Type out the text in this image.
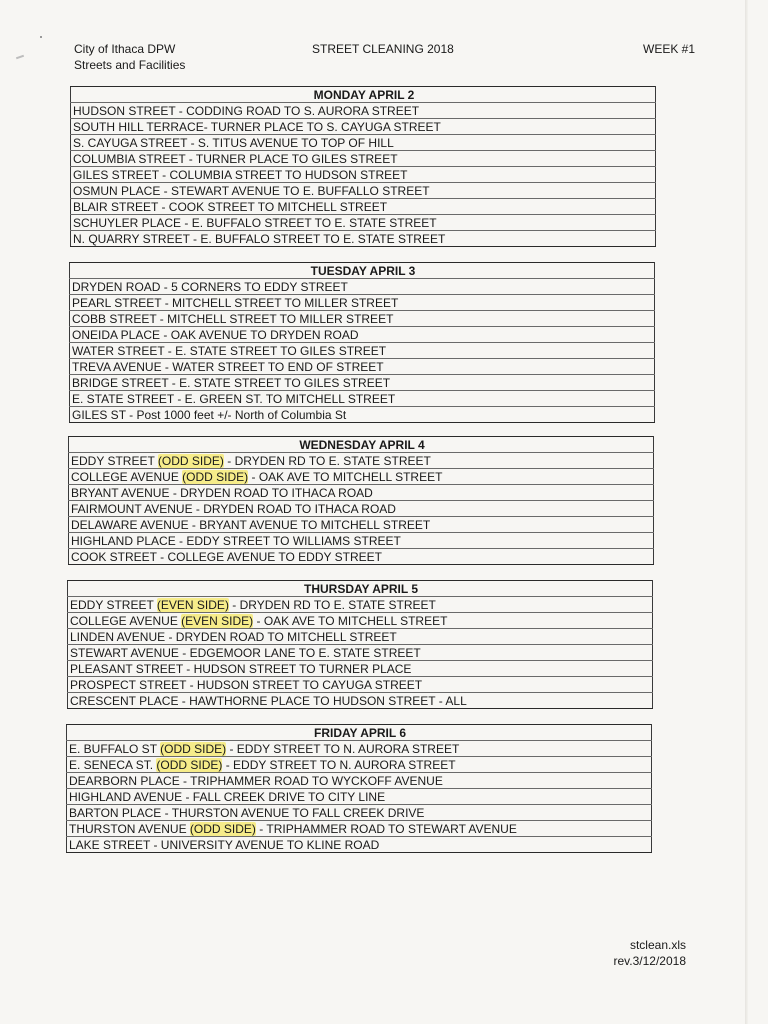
City of Ithaca DPW
Streets and Facilities
STREET CLEANING 2018	WEEK #1
MONDAY APRIL 2
HUDSON STREET - CODDING ROAD TO S. AURORA STREET
SOUTH HILL TERRACE- TURNER PLACE TO S. CAYUGA STREET
S. CAYUGA STREET - S. TITUS AVENUE TO TOP OF HILL
COLUMBIA STREET - TURNER PLACE TO GILES STREET
GILES STREET - COLUMBIA STREET TO HUDSON STREET
OSMUN PLACE - STEWART AVENUE TO E. BUFFALLO STREET
BLAIR STREET - COOK STREET TO MITCHELL STREET
SCHUYLER PLACE - E. BUFFALO STREET TO E. STATE STREET
N. QUARRY STREET - E. BUFFALO STREET TO E. STATE STREET
TUESDAY APRIL 3
DRYDEN ROAD - 5 CORNERS TO EDDY STREET
PEARL STREET - MITCHELL STREET TO MILLER STREET
COBB STREET - MITCHELL STREET TO MILLER STREET
ONEIDA PLACE - OAK AVENUE TO DRYDEN ROAD
WATER STREET - E. STATE STREET TO GILES STREET
TREVA AVENUE - WATER STREET TO END OF STREET
BRIDGE STREET - E. STATE STREET TO GILES STREET
E. STATE STREET - E. GREEN ST. TO MITCHELL STREET
GILES ST - Post 1000 feet +/- North of Columbia St
WEDNESDAY APRIL 4
EDDY STREET (ODD SIDE) - DRYDEN RD TO E. STATE STREET
COLLEGE AVENUE (ODD SIDE) - OAK AVE TO MITCHELL STREET
BRYANT AVENUE - DRYDEN ROAD TO ITHACA ROAD
FAIRMOUNT AVENUE - DRYDEN ROAD TO ITHACA ROAD
DELAWARE AVENUE - BRYANT AVENUE TO MITCHELL STREET
HIGHLAND PLACE - EDDY STREET TO WILLIAMS STREET
COOK STREET - COLLEGE AVENUE TO EDDY STREET
THURSDAY APRIL 5
EDDY STREET (EVEN SIDE) - DRYDEN RD TO E. STATE STREET
COLLEGE AVENUE (EVEN SIDE) - OAK AVE TO MITCHELL STREET
LINDEN AVENUE - DRYDEN ROAD TO MITCHELL STREET
STEWART AVENUE - EDGEMOOR LANE TO E. STATE STREET
PLEASANT STREET - HUDSON STREET TO TURNER PLACE
PROSPECT STREET - HUDSON STREET TO CAYUGA STREET
CRESCENT PLACE - HAWTHORNE PLACE TO HUDSON STREET - ALL
FRIDAY APRIL 6
E. BUFFALO ST (ODD SIDE) - EDDY STREET TO N. AURORA STREET
E. SENECA ST. (ODD SIDE) - EDDY STREET TO N. AURORA STREET
DEARBORN PLACE - TRIPHAMMER ROAD TO WYCKOFF AVENUE
HIGHLAND AVENUE - FALL CREEK DRIVE TO CITY LINE
BARTON PLACE - THURSTON AVENUE TO FALL CREEK DRIVE
THURSTON AVENUE (ODD SIDE) - TRIPHAMMER ROAD TO STEWART AVENUE
LAKE STREET - UNIVERSITY AVENUE TO KLINE ROAD
stclean.xls
rev.3/12/2018
